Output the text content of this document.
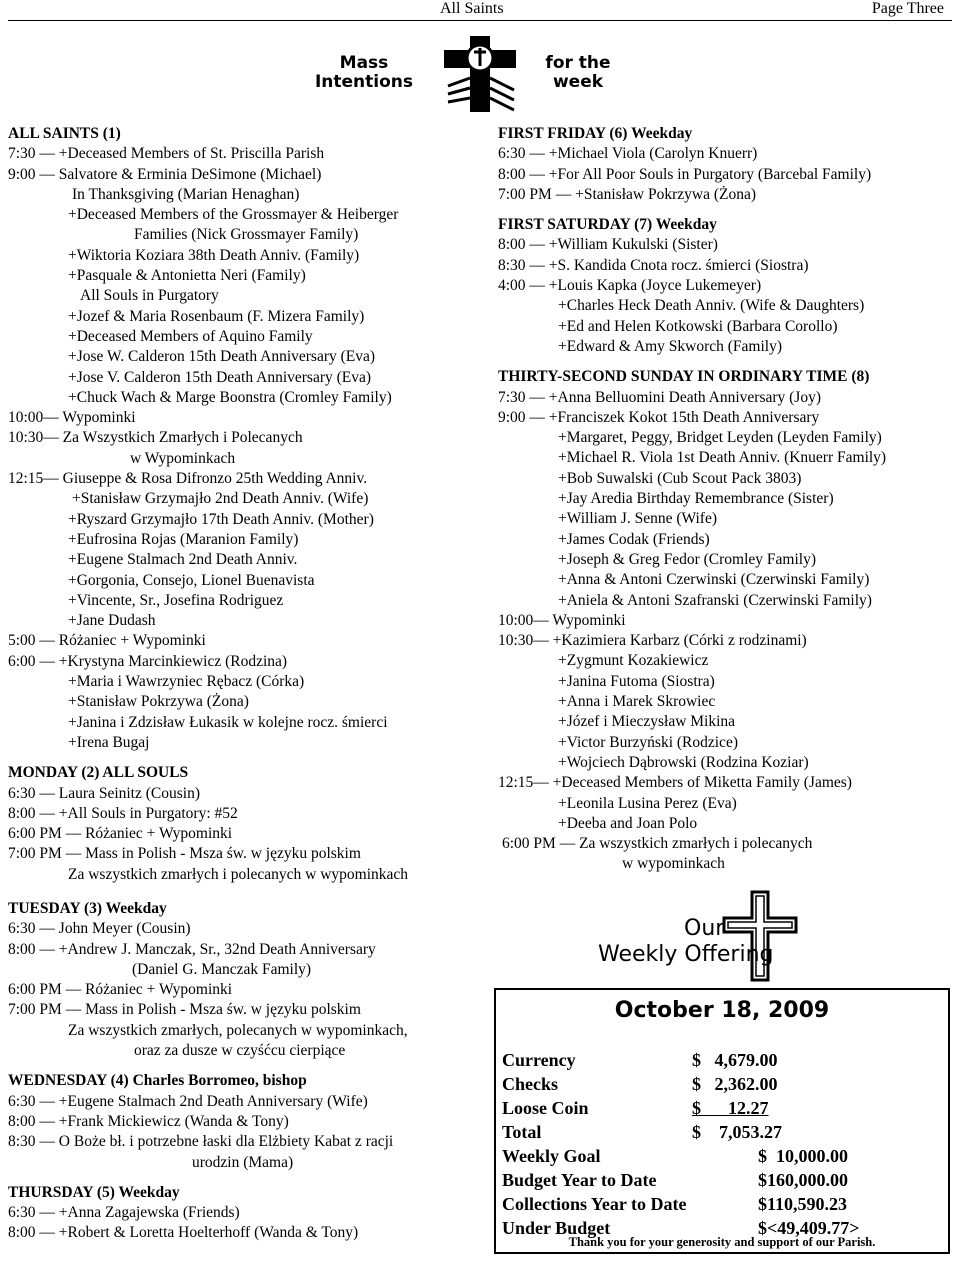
All Saints	Page Three
Mass
Intentions
for the
week
ALL SAINTS (1)
7:30 — +Deceased Members of St. Priscilla Parish
9:00 — Salvatore & Erminia DeSimone (Michael)
In Thanksgiving (Marian Henaghan)
+Deceased Members of the Grossmayer & Heiberger
Families (Nick Grossmayer Family)
+Wiktoria Koziara 38th Death Anniv. (Family)
+Pasquale & Antonietta Neri (Family)
All Souls in Purgatory
+Jozef & Maria Rosenbaum (F. Mizera Family)
+Deceased Members of Aquino Family
+Jose W. Calderon 15th Death Anniversary (Eva)
+Jose V. Calderon 15th Death Anniversary (Eva)
+Chuck Wach & Marge Boonstra (Cromley Family)
10:00— Wypominki
10:30— Za Wszystkich Zmarłych i Polecanych
w Wypominkach
12:15— Giuseppe & Rosa Difronzo 25th Wedding Anniv.
+Stanisław Grzymajło 2nd Death Anniv. (Wife)
+Ryszard Grzymajło 17th Death Anniv. (Mother)
+Eufrosina Rojas (Maranion Family)
+Eugene Stalmach 2nd Death Anniv.
+Gorgonia, Consejo, Lionel Buenavista
+Vincente, Sr., Josefina Rodriguez
+Jane Dudash
5:00 — Różaniec + Wypominki
6:00 — +Krystyna Marcinkiewicz (Rodzina)
+Maria i Wawrzyniec Rębacz (Córka)
+Stanisław Pokrzywa (Żona)
+Janina i Zdzisław Łukasik w kolejne rocz. śmierci
+Irena Bugaj
MONDAY (2) ALL SOULS
6:30 — Laura Seinitz (Cousin)
8:00 — +All Souls in Purgatory: #52
6:00 PM — Różaniec + Wypominki
7:00 PM — Mass in Polish - Msza św. w języku polskim
Za wszystkich zmarłych i polecanych w wypominkach
TUESDAY (3) Weekday
6:30 — John Meyer (Cousin)
8:00 — +Andrew J. Manczak, Sr., 32nd Death Anniversary
(Daniel G. Manczak Family)
6:00 PM — Różaniec + Wypominki
7:00 PM — Mass in Polish - Msza św. w języku polskim
Za wszystkich zmarłych, polecanych w wypominkach,
oraz za dusze w czyśćcu cierpiące
WEDNESDAY (4) Charles Borromeo, bishop
6:30 — +Eugene Stalmach 2nd Death Anniversary (Wife)
8:00 — +Frank Mickiewicz (Wanda & Tony)
8:30 — O Boże bł. i potrzebne łaski dla Elżbiety Kabat z racji
urodzin (Mama)
THURSDAY (5) Weekday
6:30 — +Anna Zagajewska (Friends)
8:00 — +Robert & Loretta Hoelterhoff (Wanda & Tony)
FIRST FRIDAY (6) Weekday
6:30 — +Michael Viola (Carolyn Knuerr)
8:00 — +For All Poor Souls in Purgatory (Barcebal Family)
7:00 PM — +Stanisław Pokrzywa (Żona)
FIRST SATURDAY (7) Weekday
8:00 — +William Kukulski (Sister)
8:30 — +S. Kandida Cnota rocz. śmierci (Siostra)
4:00 — +Louis Kapka (Joyce Lukemeyer)
+Charles Heck Death Anniv. (Wife & Daughters)
+Ed and Helen Kotkowski (Barbara Corollo)
+Edward & Amy Skworch (Family)
THIRTY-SECOND SUNDAY IN ORDINARY TIME (8)
7:30 — +Anna Belluomini Death Anniversary (Joy)
9:00 — +Franciszek Kokot 15th Death Anniversary
+Margaret, Peggy, Bridget Leyden (Leyden Family)
+Michael R. Viola 1st Death Anniv. (Knuerr Family)
+Bob Suwalski (Cub Scout Pack 3803)
+Jay Aredia Birthday Remembrance (Sister)
+William J. Senne (Wife)
+James Codak (Friends)
+Joseph & Greg Fedor (Cromley Family)
+Anna & Antoni Czerwinski (Czerwinski Family)
+Aniela & Antoni Szafranski (Czerwinski Family)
10:00— Wypominki
10:30— +Kazimiera Karbarz (Córki z rodzinami)
+Zygmunt Kozakiewicz
+Janina Futoma (Siostra)
+Anna i Marek Skrowiec
+Józef i Mieczysław Mikina
+Victor Burzyński (Rodzice)
+Wojciech Dąbrowski (Rodzina Koziar)
12:15— +Deceased Members of Miketta Family (James)
+Leonila Lusina Perez (Eva)
+Deeba and Joan Polo
6:00 PM — Za wszystkich zmarłych i polecanych
w wypominkach
Our
Weekly Offering
October 18, 2009
Currency	$   4,679.00
Checks	$   2,362.00
Loose Coin	$      12.27
Total	$    7,053.27
Weekly Goal	$  10,000.00
Budget Year to Date	$160,000.00
Collections Year to Date	$110,590.23
Under Budget	$<49,409.77>
Thank you for your generosity and support of our Parish.
